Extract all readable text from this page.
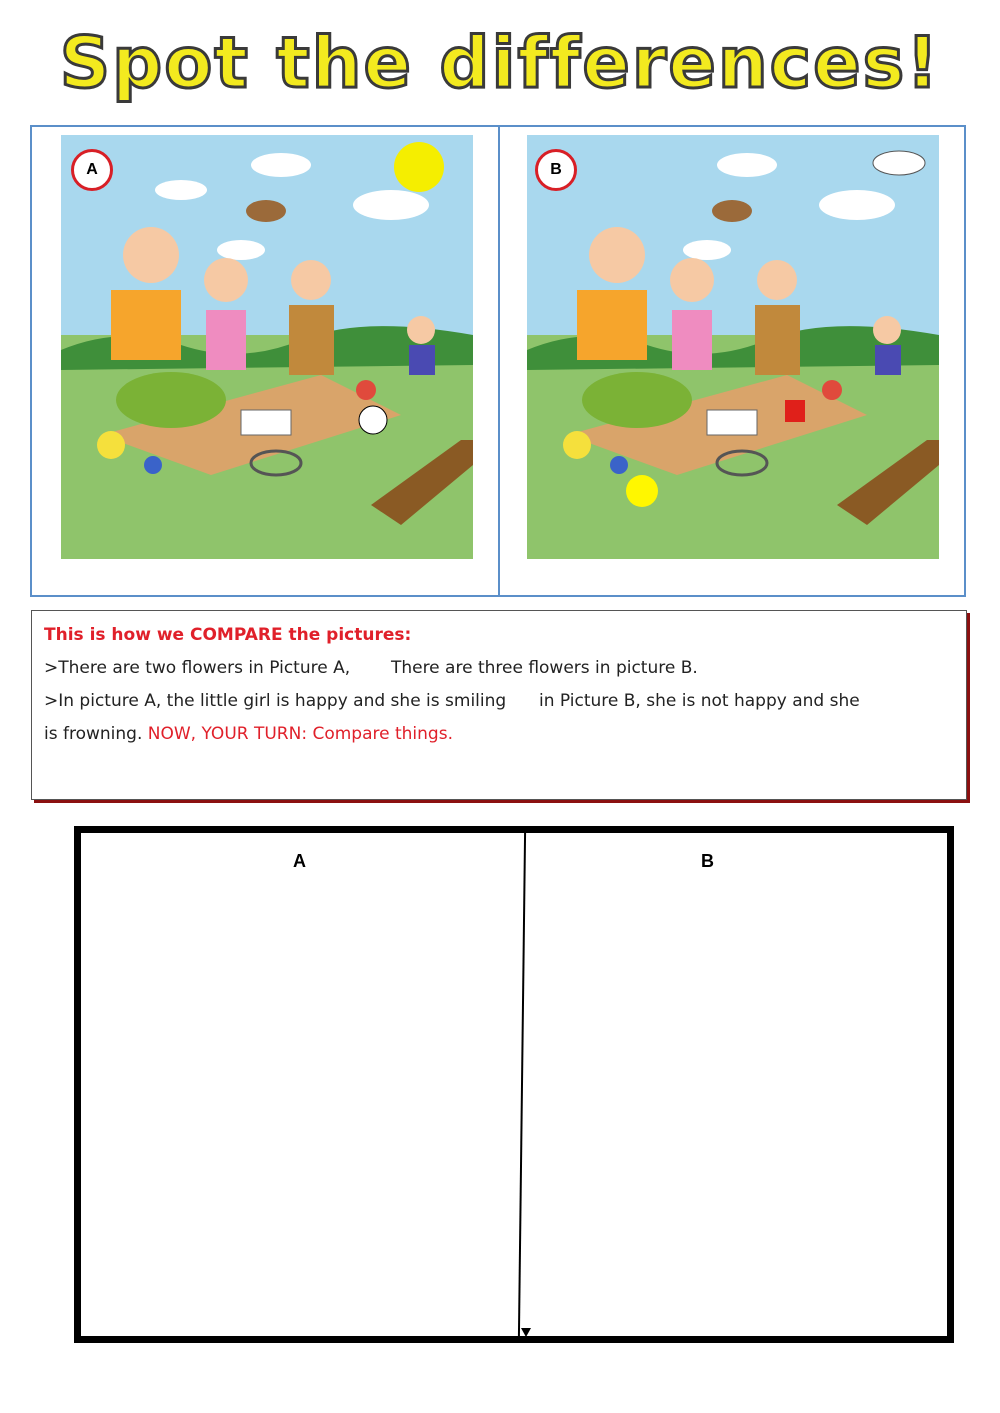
Spot the differences!
A	B
This is how we COMPARE the pictures:
>There are two flowers in Picture A, There are three flowers in picture B.
>In picture A, the little girl is happy and she is smiling in Picture B, she is not happy and she
is frowning. NOW, YOUR TURN: Compare things.
A	B
